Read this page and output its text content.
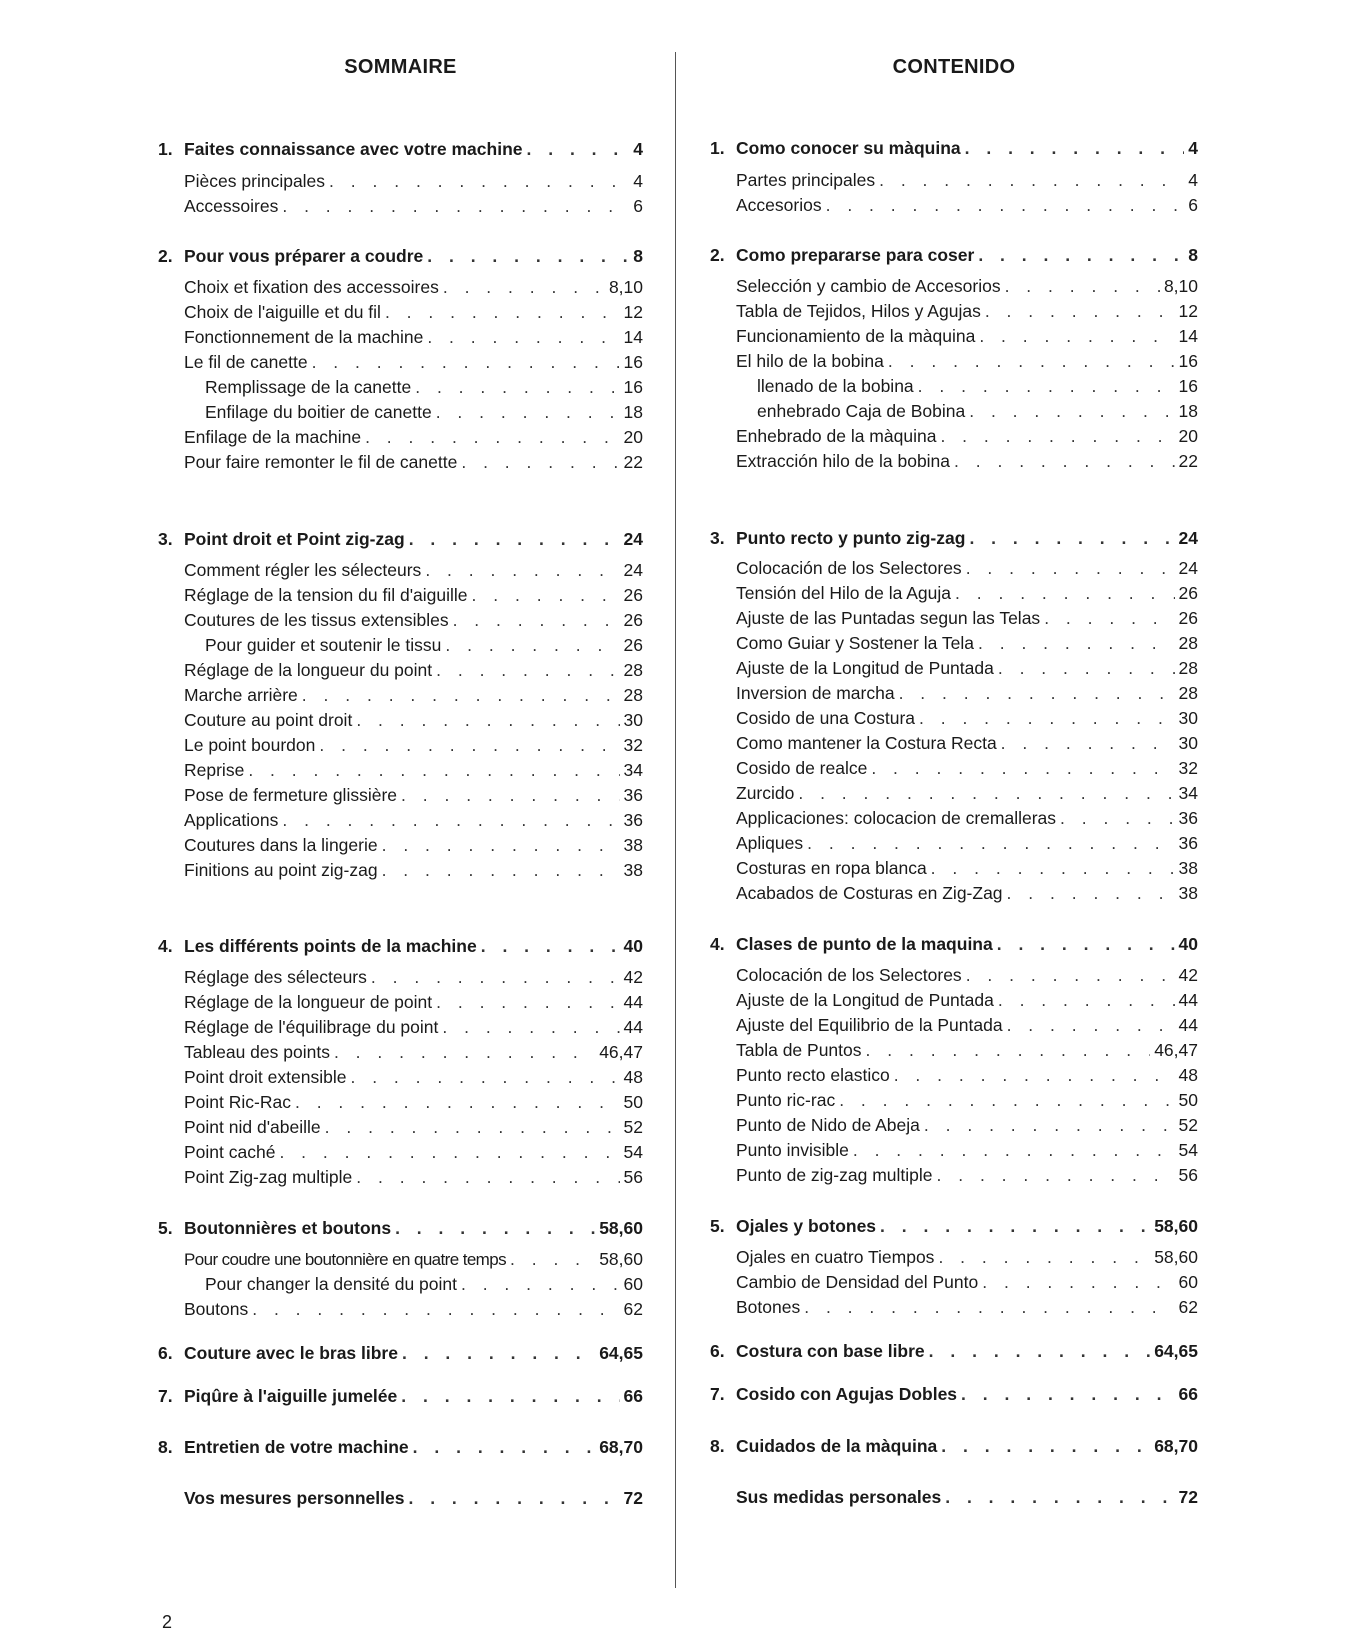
SOMMAIRE
1. Faites connaissance avec votre machine . . .	4
Pièces principales . . .	4
Accessoires . . .	6
2. Pour vous préparer a coudre . . .	8
Choix et fixation des accessoires . . .	8,10
Choix de l'aiguille et du fil . . .	12
Fonctionnement de la machine . . .	14
Le fil de canette . . .	16
Remplissage de la canette . . .	16
Enfilage du boitier de canette . . .	18
Enfilage de la machine . . .	20
Pour faire remonter le fil de canette . . .	22
3. Point droit et Point zig-zag . . .	24
Comment régler les sélecteurs . . .	24
Réglage de la tension du fil d'aiguille . . .	26
Coutures de les tissus extensibles . . .	26
Pour guider et soutenir le tissu . . .	26
Réglage de la longueur du point . . .	28
Marche arrière . . .	28
Couture au point droit . . .	30
Le point bourdon . . .	32
Reprise . . .	34
Pose de fermeture glissière . . .	36
Applications . . .	36
Coutures dans la lingerie . . .	38
Finitions au point zig-zag . . .	38
4. Les différents points de la machine . . .	40
Réglage des sélecteurs . . .	42
Réglage de la longueur de point . . .	44
Réglage de l'équilibrage du point . . .	44
Tableau des points . . .	46,47
Point droit extensible . . .	48
Point Ric-Rac . . .	50
Point nid d'abeille . . .	52
Point caché . . .	54
Point Zig-zag multiple . . .	56
5. Boutonnières et boutons . . .	58,60
Pour coudre une boutonnière en quatre temps . . .	58,60
Pour changer la densité du point . . .	60
Boutons . . .	62
6. Couture avec le bras libre . . .	64,65
7. Piqûre à l'aiguille jumelée . . .	66
8. Entretien de votre machine . . .	68,70
Vos mesures personnelles . . .	72
CONTENIDO
1. Como conocer su màquina . . .	4
Partes principales . . .	4
Accesorios . . .	6
2. Como prepararse para coser . . .	8
Selección y cambio de Accesorios . . .	8,10
Tabla de Tejidos, Hilos y Agujas . . .	12
Funcionamiento de la màquina . . .	14
El hilo de la bobina . . .	16
llenado de la bobina . . .	16
enhebrado Caja de Bobina . . .	18
Enhebrado de la màquina . . .	20
Extracción hilo de la bobina . . .	22
3. Punto recto y punto zig-zag . . .	24
Colocación de los Selectores . . .	24
Tensión del Hilo de la Aguja . . .	26
Ajuste de las Puntadas segun las Telas . . .	26
Como Guiar y Sostener la Tela . . .	28
Ajuste de la Longitud de Puntada . . .	28
Inversion de marcha . . .	28
Cosido de una Costura . . .	30
Como mantener la Costura Recta . . .	30
Cosido de realce . . .	32
Zurcido . . .	34
Applicaciones: colocacion de cremalleras . . .	36
Apliques . . .	36
Costuras en ropa blanca . . .	38
Acabados de Costuras en Zig-Zag . . .	38
4. Clases de punto de la maquina . . .	40
Colocación de los Selectores . . .	42
Ajuste de la Longitud de Puntada . . .	44
Ajuste del Equilibrio de la Puntada . . .	44
Tabla de Puntos . . .	46,47
Punto recto elastico . . .	48
Punto ric-rac . . .	50
Punto de Nido de Abeja . . .	52
Punto invisible . . .	54
Punto de zig-zag multiple . . .	56
5. Ojales y botones . . .	58,60
Ojales en cuatro Tiempos . . .	58,60
Cambio de Densidad del Punto . . .	60
Botones . . .	62
6. Costura con base libre . . .	64,65
7. Cosido con Agujas Dobles . . .	66
8. Cuidados de la màquina . . .	68,70
Sus medidas personales . . .	72
2
